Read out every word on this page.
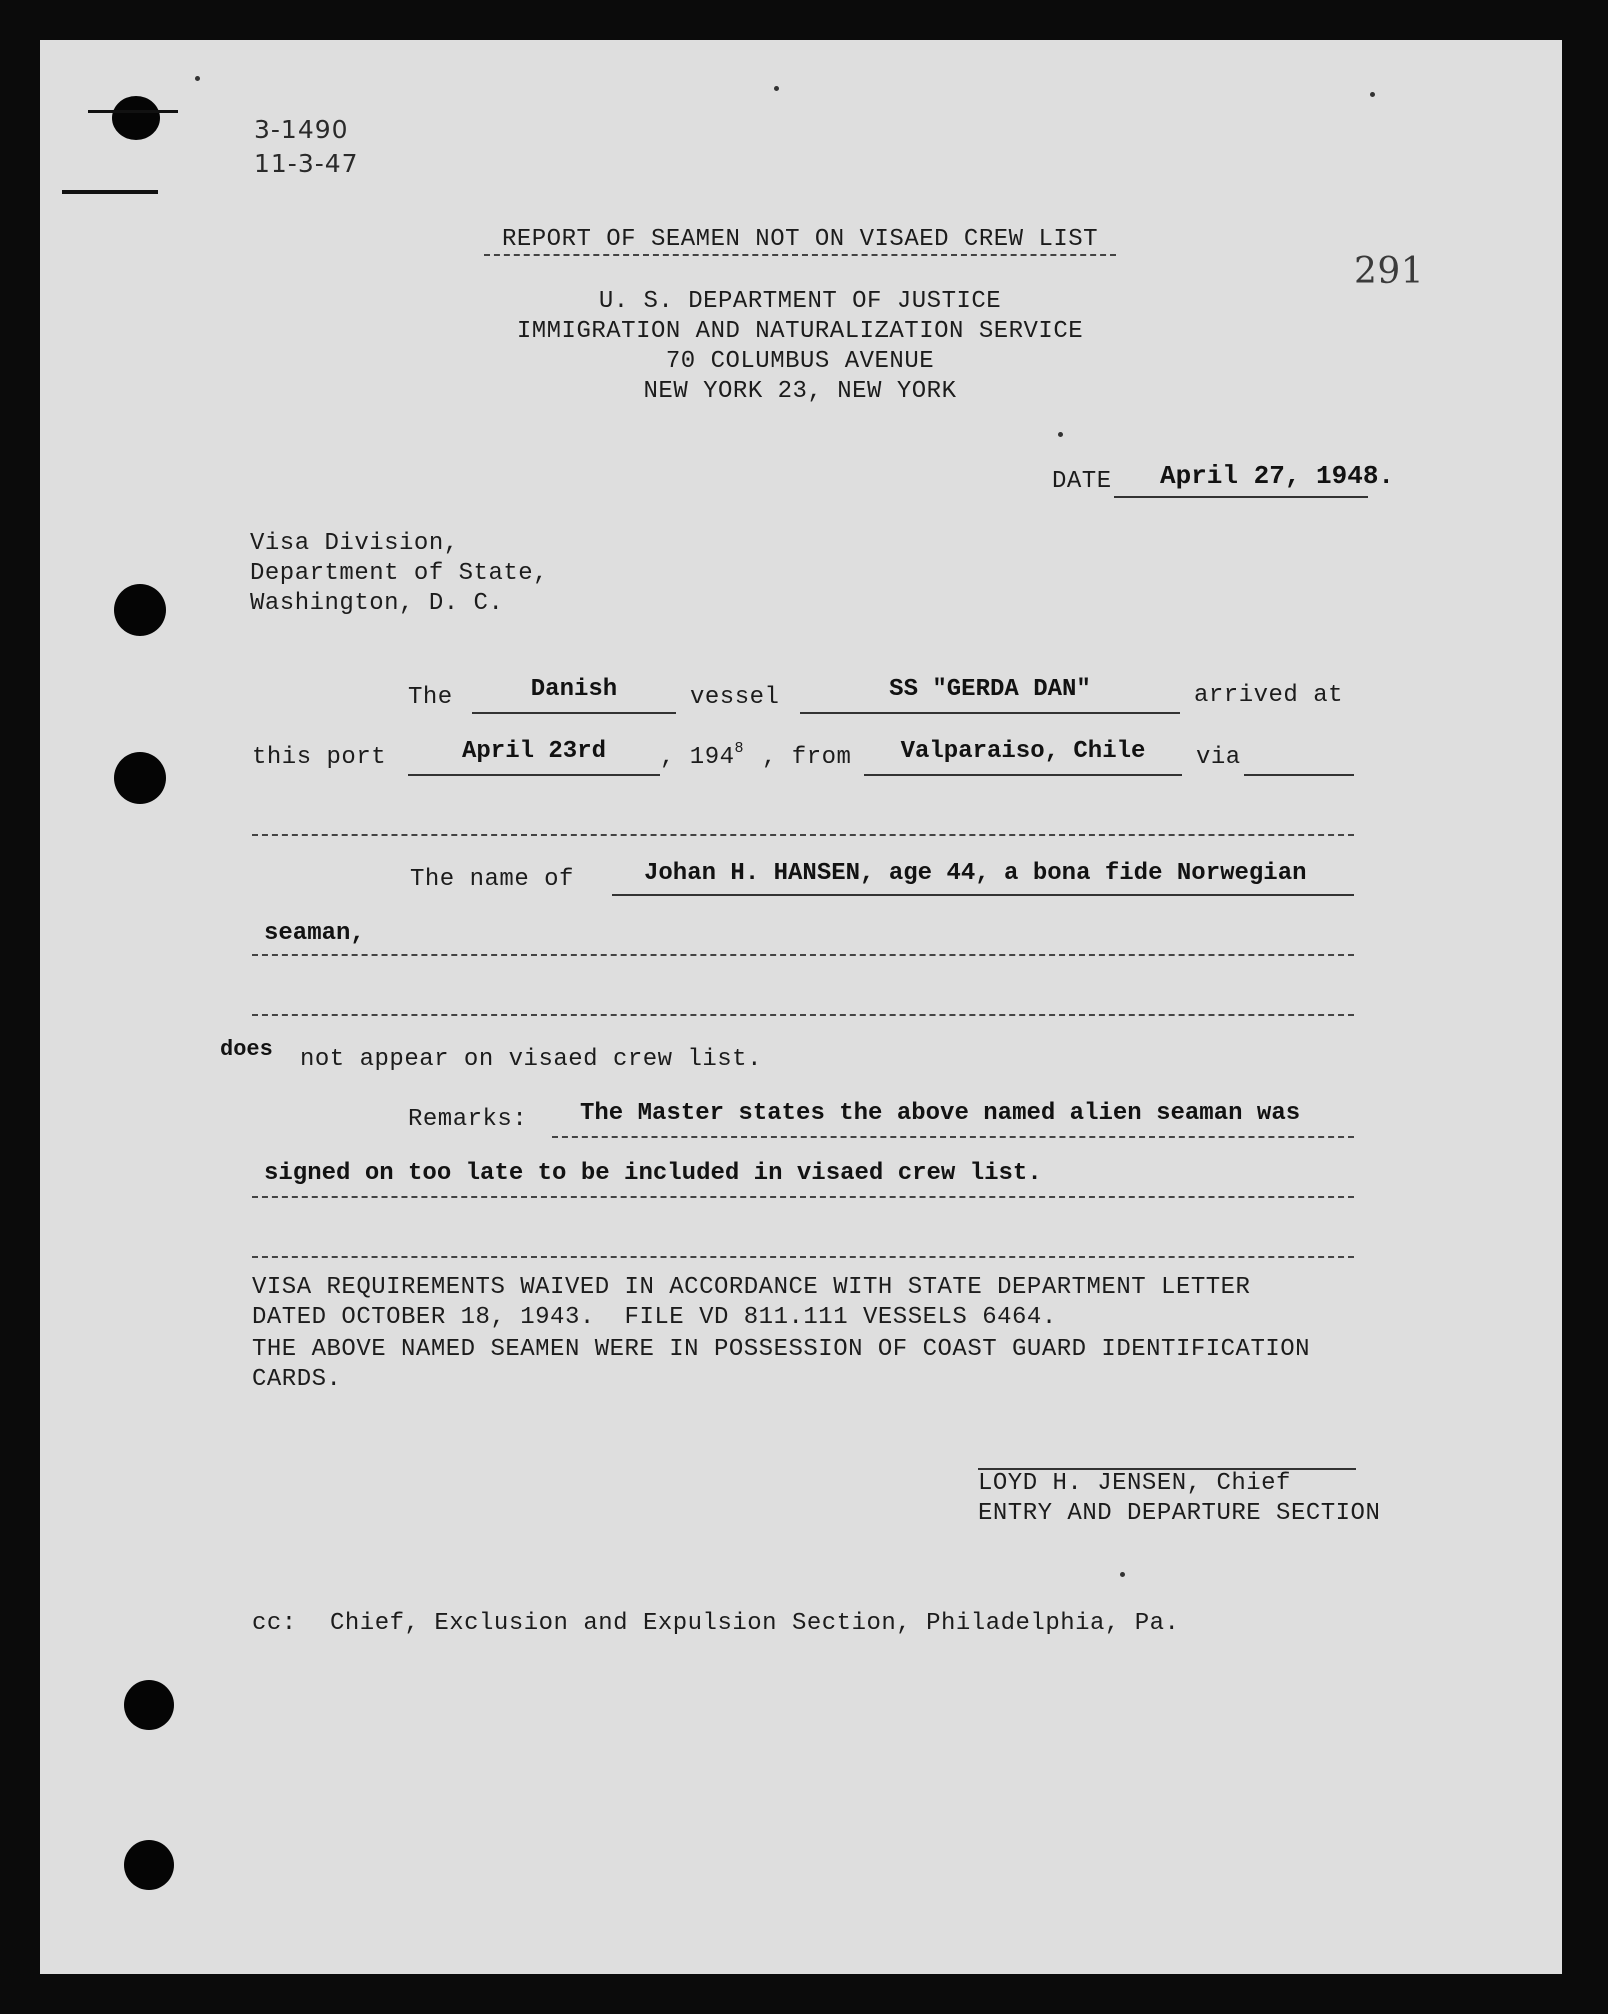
3-1490
11-3-47
291
REPORT OF SEAMEN NOT ON VISAED CREW LIST
U. S. DEPARTMENT OF JUSTICE
IMMIGRATION AND NATURALIZATION SERVICE
70 COLUMBUS AVENUE
NEW YORK 23, NEW YORK
DATE April 27, 1948.
Visa Division,
Department of State,
Washington, D. C.
The	Danish	vessel	SS "GERDA DAN"	arrived at
this port	April 23rd	, $194^8$ , from	Valparaiso, Chile	via
The name of	Johan H. HANSEN, age 44, a bona fide Norwegian
seaman,
does not appear on visaed crew list.
Remarks: The Master states the above named alien seaman was
signed on too late to be included in visaed crew list.
VISA REQUIREMENTS WAIVED IN ACCORDANCE WITH STATE DEPARTMENT LETTER
DATED OCTOBER 18, 1943.  FILE VD 811.111 VESSELS 6464.
THE ABOVE NAMED SEAMEN WERE IN POSSESSION OF COAST GUARD IDENTIFICATION
CARDS.
LOYD H. JENSEN, Chief
ENTRY AND DEPARTURE SECTION
cc: Chief, Exclusion and Expulsion Section, Philadelphia, Pa.
